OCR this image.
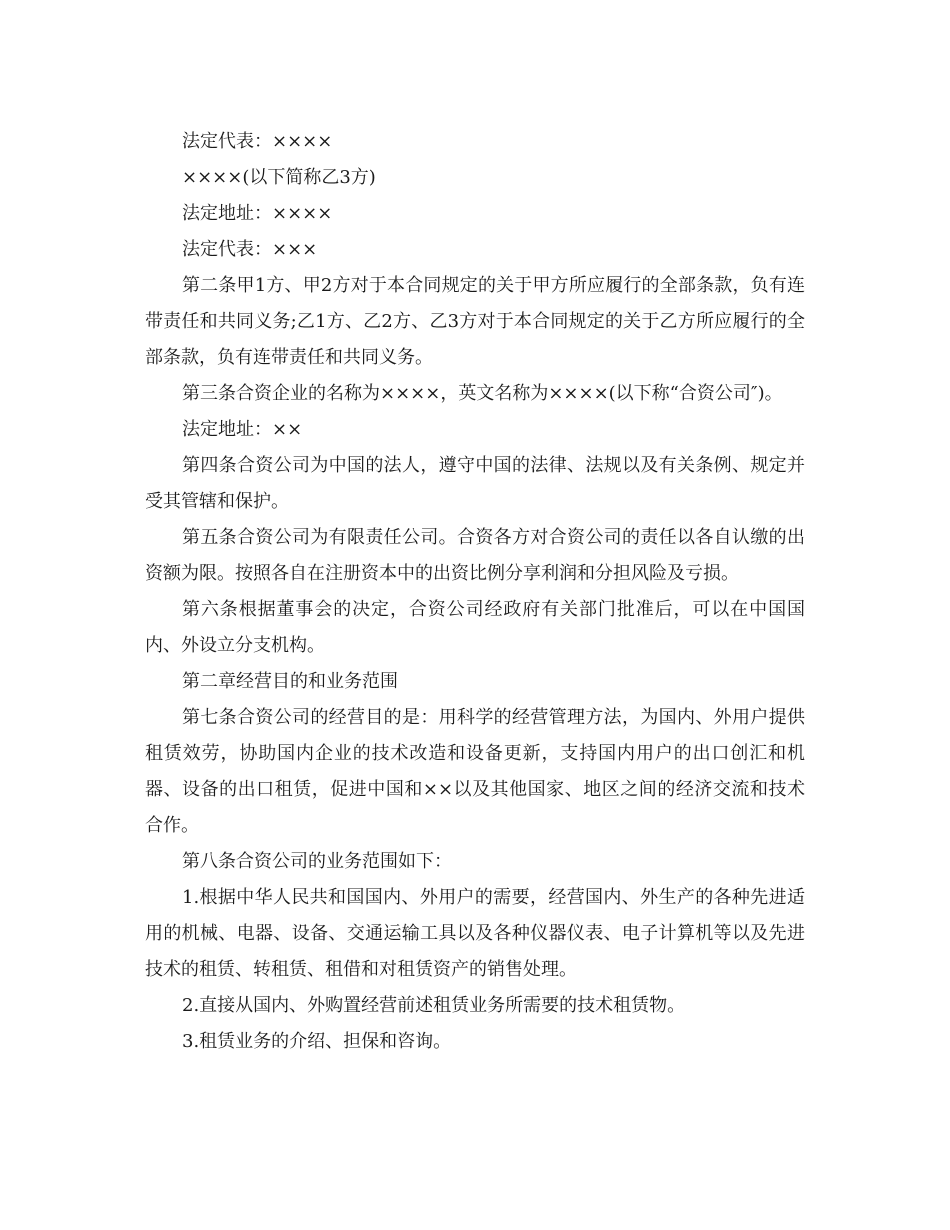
法定代表：××××

××××(以下简称乙3方)

法定地址：××××

法定代表：×××

第二条甲1方、甲2方对于本合同规定的关于甲方所应履行的全部条款，负有连带责任和共同义务;乙1方、乙2方、乙3方对于本合同规定的关于乙方所应履行的全部条款，负有连带责任和共同义务。

第三条合资企业的名称为××××，英文名称为××××(以下称“合资公司″)。

法定地址：××

第四条合资公司为中国的法人，遵守中国的法律、法规以及有关条例、规定并受其管辖和保护。

第五条合资公司为有限责任公司。合资各方对合资公司的责任以各自认缴的出资额为限。按照各自在注册资本中的出资比例分享利润和分担风险及亏损。

第六条根据董事会的决定，合资公司经政府有关部门批准后，可以在中国国内、外设立分支机构。

第二章经营目的和业务范围

第七条合资公司的经营目的是：用科学的经营管理方法，为国内、外用户提供租赁效劳，协助国内企业的技术改造和设备更新，支持国内用户的出口创汇和机器、设备的出口租赁，促进中国和××以及其他国家、地区之间的经济交流和技术合作。

第八条合资公司的业务范围如下：

1.根据中华人民共和国国内、外用户的需要，经营国内、外生产的各种先进适用的机械、电器、设备、交通运输工具以及各种仪器仪表、电子计算机等以及先进技术的租赁、转租赁、租借和对租赁资产的销售处理。

2.直接从国内、外购置经营前述租赁业务所需要的技术租赁物。

3.租赁业务的介绍、担保和咨询。
